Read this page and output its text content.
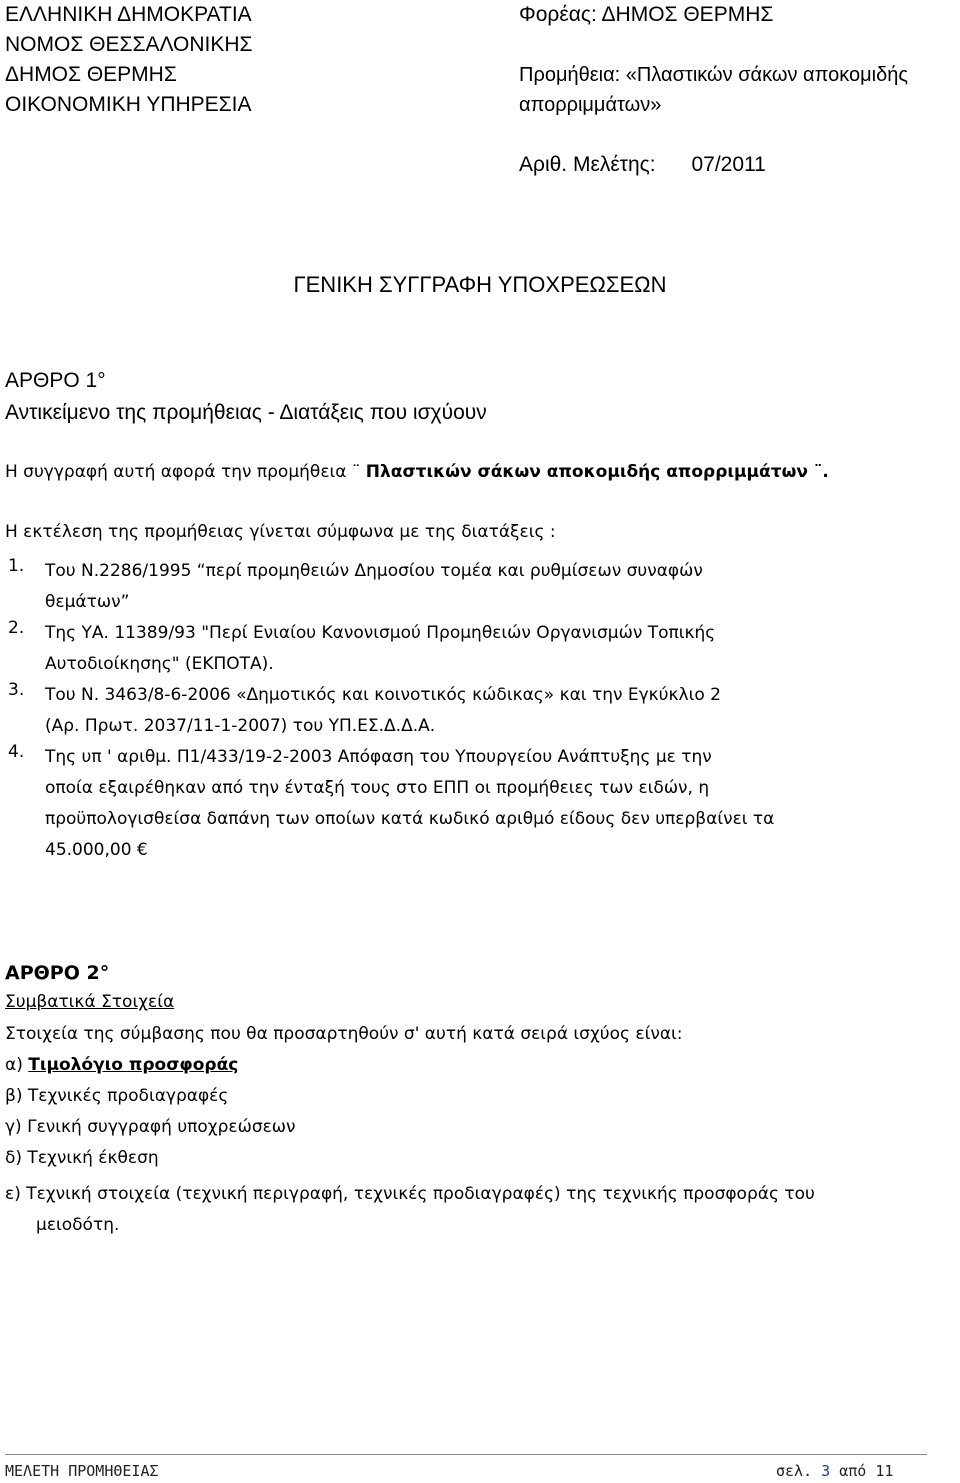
ΕΛΛΗΝΙΚΗ ΔΗΜΟΚΡΑΤΙΑ
ΝΟΜΟΣ ΘΕΣΣΑΛΟΝΙΚΗΣ
ΔΗΜΟΣ ΘΕΡΜΗΣ
ΟΙΚΟΝΟΜΙΚΗ ΥΠΗΡΕΣΙΑ
Φορέας: ΔΗΜΟΣ ΘΕΡΜΗΣ
Προμήθεια: «Πλαστικών σάκων αποκομιδής
απορριμμάτων»
Αριθ. Μελέτης: 07/2011
ΓΕΝΙΚΗ ΣΥΓΓΡΑΦΗ ΥΠΟΧΡΕΩΣΕΩΝ
ΑΡΘΡΟ 1°
Αντικείμενο της προμήθειας - Διατάξεις που ισχύουν
Η συγγραφή αυτή αφορά την προμήθεια ¨ Πλαστικών σάκων αποκομιδής απορριμμάτων ¨.
Η εκτέλεση της προμήθειας γίνεται σύμφωνα με της διατάξεις :
1. Του Ν.2286/1995 “περί προμηθειών Δημοσίου τομέα και ρυθμίσεων συναφών
θεμάτων”
2. Της ΥΑ. 11389/93 "Περί Ενιαίου Κανονισμού Προμηθειών Οργανισμών Τοπικής
Αυτοδιοίκησης" (ΕΚΠΟΤΑ).
3. Του Ν. 3463/8-6-2006 «Δημοτικός και κοινοτικός κώδικας» και την Εγκύκλιο 2
(Αρ. Πρωτ. 2037/11-1-2007) του ΥΠ.ΕΣ.Δ.Δ.Α.
4. Της υπ ' αριθμ. Π1/433/19-2-2003 Απόφαση του Υπουργείου Ανάπτυξης με την
οποία εξαιρέθηκαν από την ένταξή τους στο ΕΠΠ οι προμήθειες των ειδών, η
προϋπολογισθείσα δαπάνη των οποίων κατά κωδικό αριθμό είδους δεν υπερβαίνει τα
45.000,00 €
ΑΡΘΡΟ 2°
Συμβατικά Στοιχεία
Στοιχεία της σύμβασης που θα προσαρτηθούν σ' αυτή κατά σειρά ισχύος είναι:
α) Τιμολόγιο προσφοράς
β) Τεχνικές προδιαγραφές
γ) Γενική συγγραφή υποχρεώσεων
δ) Τεχνική έκθεση
ε) Τεχνική στοιχεία (τεχνική περιγραφή, τεχνικές προδιαγραφές) της τεχνικής προσφοράς του
μειοδότη.
ΜΕΛΕΤΗ ΠΡΟΜΗΘΕΙΑΣ	σελ. 3 από 11
